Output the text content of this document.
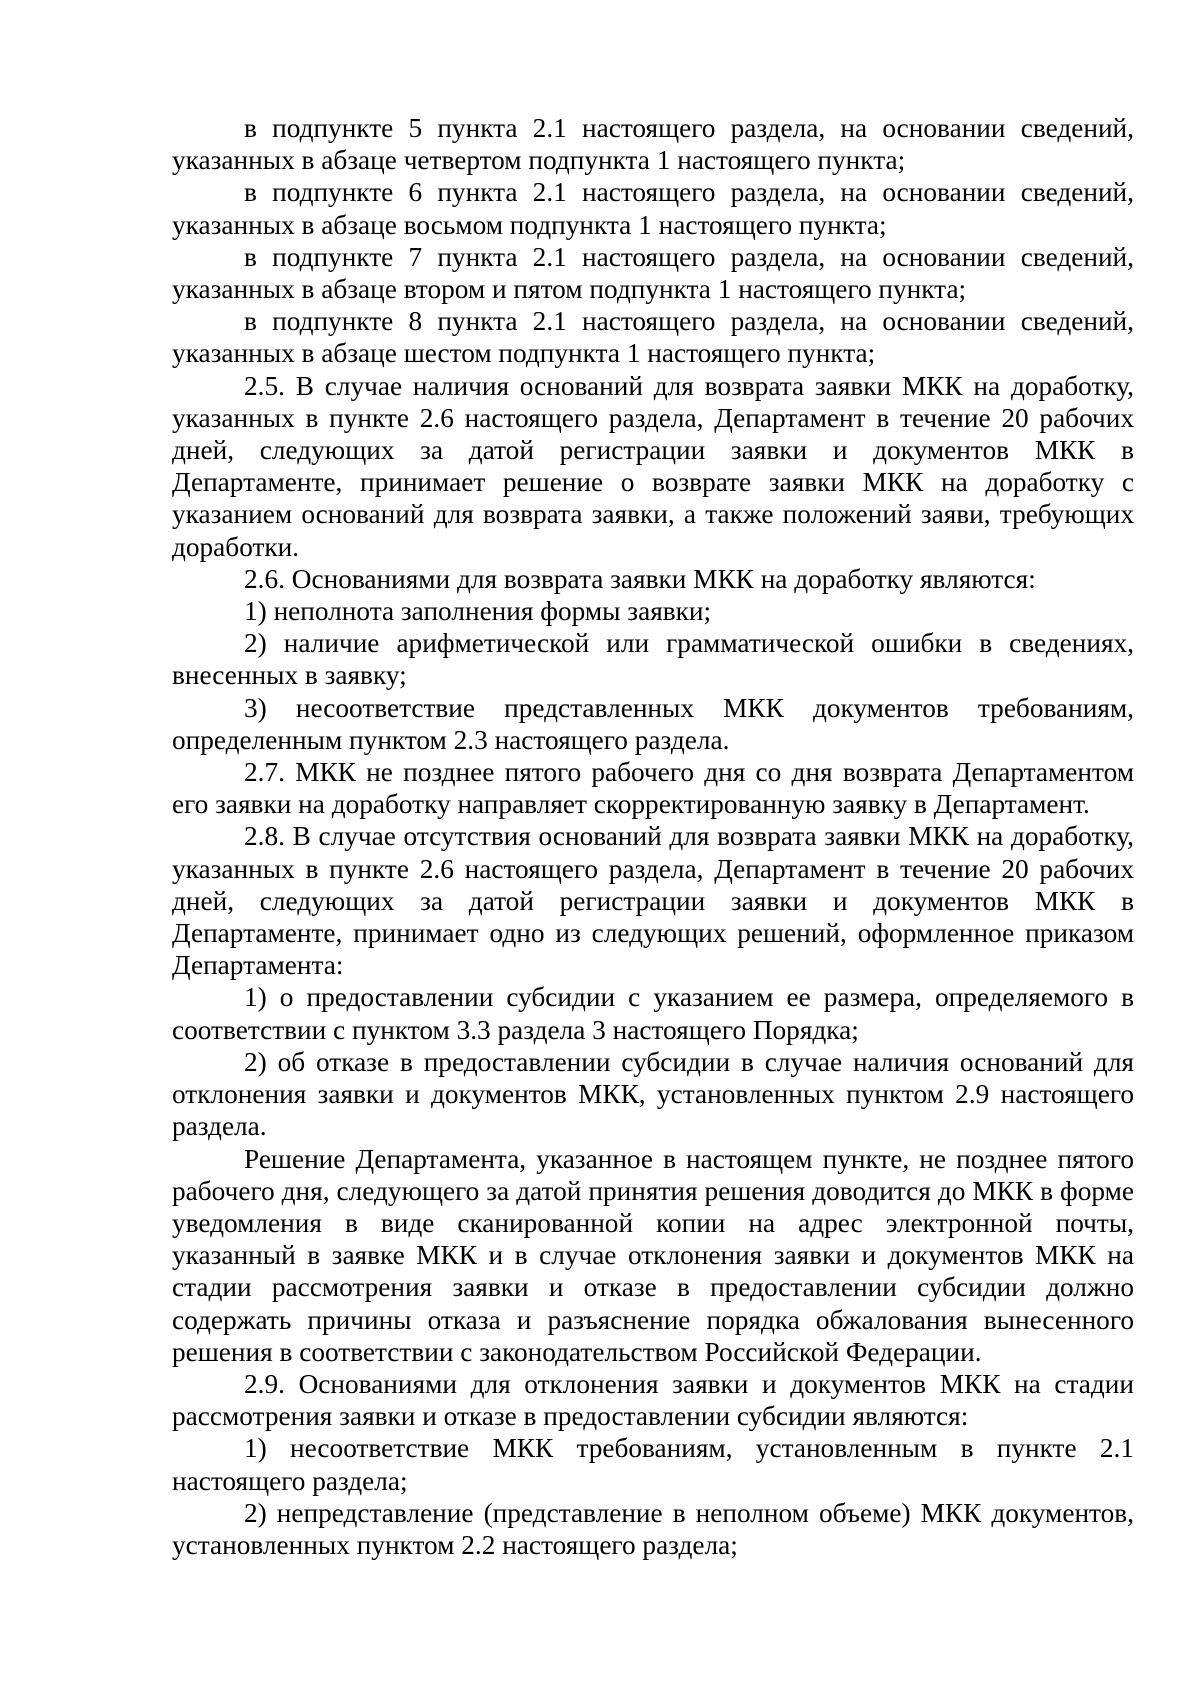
в подпункте 5 пункта 2.1 настоящего раздела, на основании сведений, указанных в абзаце четвертом подпункта 1 настоящего пункта;

в подпункте 6 пункта 2.1 настоящего раздела, на основании сведений, указанных в абзаце восьмом подпункта 1 настоящего пункта;

в подпункте 7 пункта 2.1 настоящего раздела, на основании сведений, указанных в абзаце втором и пятом подпункта 1 настоящего пункта;

в подпункте 8 пункта 2.1 настоящего раздела, на основании сведений, указанных в абзаце шестом подпункта 1 настоящего пункта;

2.5. В случае наличия оснований для возврата заявки МКК на доработку, указанных в пункте 2.6 настоящего раздела, Департамент в течение 20 рабочих дней, следующих за датой регистрации заявки и документов МКК в Департаменте, принимает решение о возврате заявки МКК на доработку с указанием оснований для возврата заявки, а также положений заяви, требующих доработки.

2.6. Основаниями для возврата заявки МКК на доработку являются:

1) неполнота заполнения формы заявки;

2) наличие арифметической или грамматической ошибки в сведениях, внесенных в заявку;

3) несоответствие представленных МКК документов требованиям, определенным пунктом 2.3 настоящего раздела.

2.7. МКК не позднее пятого рабочего дня со дня возврата Департаментом его заявки на доработку направляет скорректированную заявку в Департамент.

2.8. В случае отсутствия оснований для возврата заявки МКК на доработку, указанных в пункте 2.6 настоящего раздела, Департамент в течение 20 рабочих дней, следующих за датой регистрации заявки и документов МКК в Департаменте, принимает одно из следующих решений, оформленное приказом Департамента:

1) о предоставлении субсидии с указанием ее размера, определяемого в соответствии с пунктом 3.3 раздела 3 настоящего Порядка;

2) об отказе в предоставлении субсидии в случае наличия оснований для отклонения заявки и документов МКК, установленных пунктом 2.9 настоящего раздела.

Решение Департамента, указанное в настоящем пункте, не позднее пятого рабочего дня, следующего за датой принятия решения доводится до МКК в форме уведомления в виде сканированной копии на адрес электронной почты, указанный в заявке МКК и в случае отклонения заявки и документов МКК на стадии рассмотрения заявки и отказе в предоставлении субсидии должно содержать причины отказа и разъяснение порядка обжалования вынесенного решения в соответствии с законодательством Российской Федерации.

2.9. Основаниями для отклонения заявки и документов МКК на стадии рассмотрения заявки и отказе в предоставлении субсидии являются:

1) несоответствие МКК требованиям, установленным в пункте 2.1 настоящего раздела;

2) непредставление (представление в неполном объеме) МКК документов, установленных пунктом 2.2 настоящего раздела;
